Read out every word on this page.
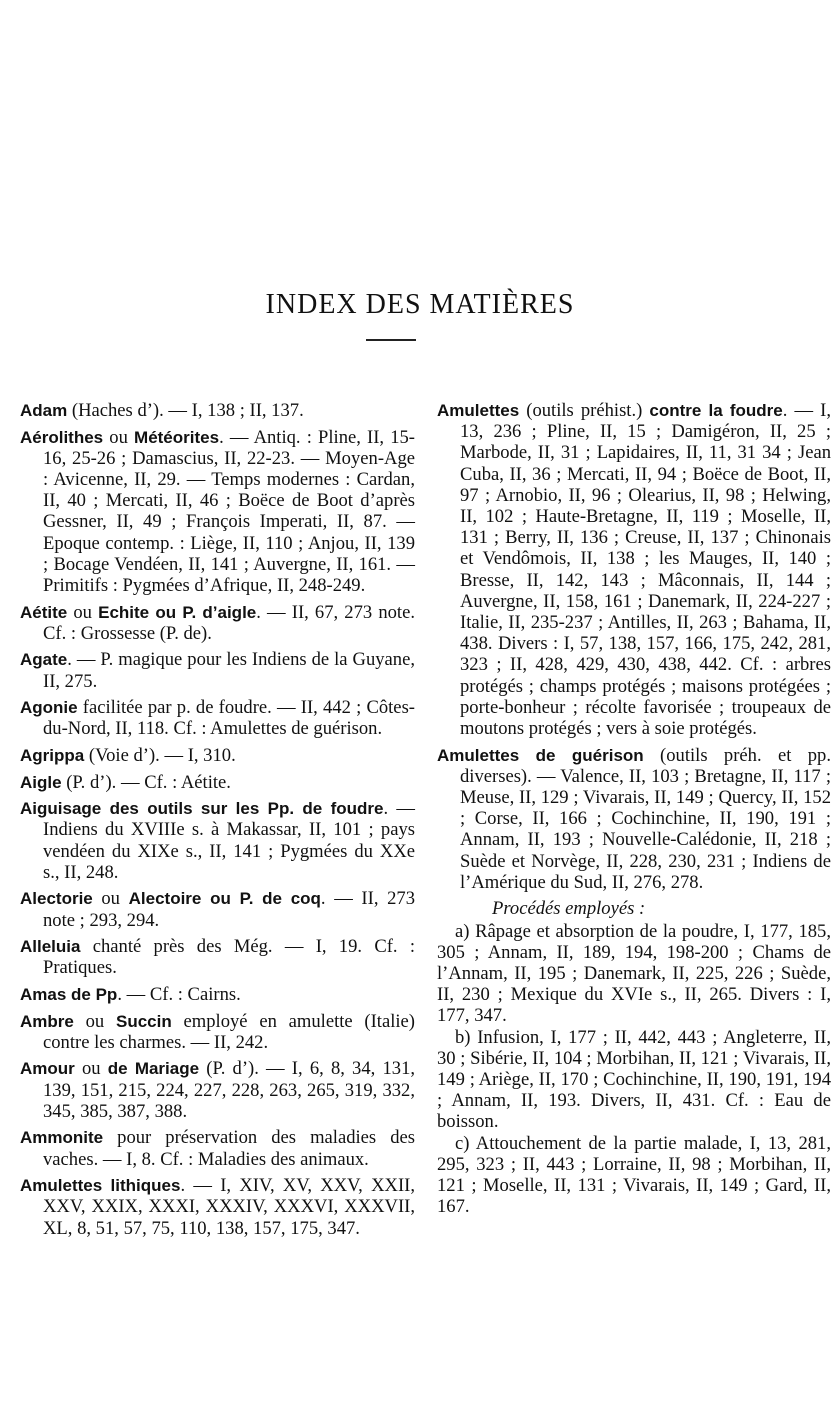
INDEX DES MATIÈRES

Adam (Haches d’). — I, 138 ; II, 137.

Aérolithes ou Météorites. — Antiq. : Pline, II, 15-16, 25-26 ; Damascius, II, 22-23. — Moyen-Age : Avicenne, II, 29. — Temps modernes : Cardan, II, 40 ; Mercati, II, 46 ; Boëce de Boot d’après Gessner, II, 49 ; François Imperati, II, 87. — Epoque contemp. : Liège, II, 110 ; Anjou, II, 139 ; Bocage Vendéen, II, 141 ; Auvergne, II, 161. — Primitifs : Pygmées d’Afrique, II, 248-249.

Aétite ou Echite ou P. d’aigle. — II, 67, 273 note. Cf. : Grossesse (P. de).

Agate. — P. magique pour les Indiens de la Guyane, II, 275.

Agonie facilitée par p. de foudre. — II, 442 ; Côtes-du-Nord, II, 118. Cf. : Amulettes de guérison.

Agrippa (Voie d’). — I, 310.

Aigle (P. d’). — Cf. : Aétite.

Aiguisage des outils sur les Pp. de foudre. — Indiens du XVIIIe s. à Makassar, II, 101 ; pays vendéen du XIXe s., II, 141 ; Pygmées du XXe s., II, 248.

Alectorie ou Alectoire ou P. de coq. — II, 273 note ; 293, 294.

Alleluia chanté près des Még. — I, 19. Cf. : Pratiques.

Amas de Pp. — Cf. : Cairns.

Ambre ou Succin employé en amulette (Italie) contre les charmes. — II, 242.

Amour ou de Mariage (P. d’). — I, 6, 8, 34, 131, 139, 151, 215, 224, 227, 228, 263, 265, 319, 332, 345, 385, 387, 388.

Ammonite pour préservation des maladies des vaches. — I, 8. Cf. : Maladies des animaux.

Amulettes lithiques. — I, XIV, XV, XXV, XXII, XXV, XXIX, XXXI, XXXIV, XXXVI, XXXVII, XL, 8, 51, 57, 75, 110, 138, 157, 175, 347.

Amulettes (outils préhist.) contre la foudre. — I, 13, 236 ; Pline, II, 15 ; Damigéron, II, 25 ; Marbode, II, 31 ; Lapidaires, II, 11, 31 34 ; Jean Cuba, II, 36 ; Mercati, II, 94 ; Boëce de Boot, II, 97 ; Arnobio, II, 96 ; Olearius, II, 98 ; Helwing, II, 102 ; Haute-Bretagne, II, 119 ; Moselle, II, 131 ; Berry, II, 136 ; Creuse, II, 137 ; Chinonais et Vendômois, II, 138 ; les Mauges, II, 140 ; Bresse, II, 142, 143 ; Mâconnais, II, 144 ; Auvergne, II, 158, 161 ; Danemark, II, 224-227 ; Italie, II, 235-237 ; Antilles, II, 263 ; Bahama, II, 438. Divers : I, 57, 138, 157, 166, 175, 242, 281, 323 ; II, 428, 429, 430, 438, 442. Cf. : arbres protégés ; champs protégés ; maisons protégées ; porte-bonheur ; récolte favorisée ; troupeaux de moutons protégés ; vers à soie protégés.

Amulettes de guérison (outils préh. et pp. diverses). — Valence, II, 103 ; Bretagne, II, 117 ; Meuse, II, 129 ; Vivarais, II, 149 ; Quercy, II, 152 ; Corse, II, 166 ; Cochinchine, II, 190, 191 ; Annam, II, 193 ; Nouvelle-Calédonie, II, 218 ; Suède et Norvège, II, 228, 230, 231 ; Indiens de l’Amérique du Sud, II, 276, 278.

Procédés employés :

a) Râpage et absorption de la poudre, I, 177, 185, 305 ; Annam, II, 189, 194, 198-200 ; Chams de l’Annam, II, 195 ; Danemark, II, 225, 226 ; Suède, II, 230 ; Mexique du XVIe s., II, 265. Divers : I, 177, 347.

b) Infusion, I, 177 ; II, 442, 443 ; Angleterre, II, 30 ; Sibérie, II, 104 ; Morbihan, II, 121 ; Vivarais, II, 149 ; Ariège, II, 170 ; Cochinchine, II, 190, 191, 194 ; Annam, II, 193. Divers, II, 431. Cf. : Eau de boisson.

c) Attouchement de la partie malade, I, 13, 281, 295, 323 ; II, 443 ; Lorraine, II, 98 ; Morbihan, II, 121 ; Moselle, II, 131 ; Vivarais, II, 149 ; Gard, II, 167.
